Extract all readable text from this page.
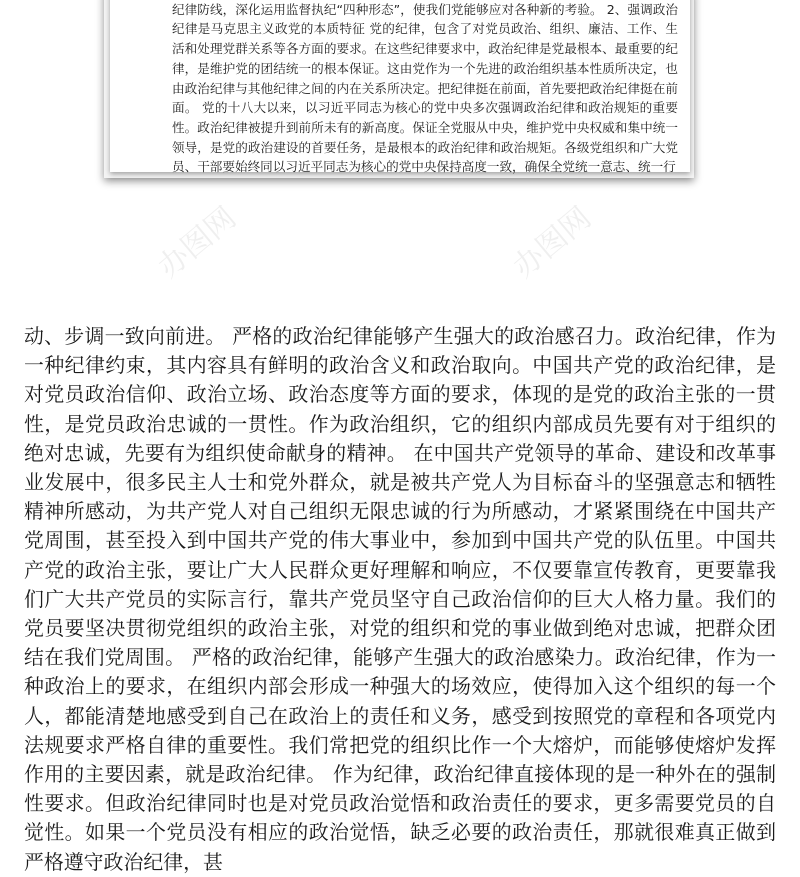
纪律防线，深化运用监督执纪“四种形态”，使我们党能够应对各种新的考验。 2、强调政治纪律是马克思主义政党的本质特征 党的纪律，包含了对党员政治、组织、廉洁、工作、生活和处理党群关系等各方面的要求。在这些纪律要求中，政治纪律是党最根本、最重要的纪律，是维护党的团结统一的根本保证。这由党作为一个先进的政治组织基本性质所决定，也由政治纪律与其他纪律之间的内在关系所决定。把纪律挺在前面，首先要把政治纪律挺在前面。 党的十八大以来，以习近平同志为核心的党中央多次强调政治纪律和政治规矩的重要性。政治纪律被提升到前所未有的新高度。保证全党服从中央，维护党中央权威和集中统一领导，是党的政治建设的首要任务，是最根本的政治纪律和政治规矩。各级党组织和广大党员、干部要始终同以习近平同志为核心的党中央保持高度一致，确保全党统一意志、统一行

办图网	办图网

动、步调一致向前进。 严格的政治纪律能够产生强大的政治感召力。政治纪律，作为一种纪律约束，其内容具有鲜明的政治含义和政治取向。中国共产党的政治纪律，是对党员政治信仰、政治立场、政治态度等方面的要求，体现的是党的政治主张的一贯性，是党员政治忠诚的一贯性。作为政治组织，它的组织内部成员先要有对于组织的绝对忠诚，先要有为组织使命献身的精神。 在中国共产党领导的革命、建设和改革事业发展中，很多民主人士和党外群众，就是被共产党人为目标奋斗的坚强意志和牺牲精神所感动，为共产党人对自己组织无限忠诚的行为所感动，才紧紧围绕在中国共产党周围，甚至投入到中国共产党的伟大事业中，参加到中国共产党的队伍里。中国共产党的政治主张，要让广大人民群众更好理解和响应，不仅要靠宣传教育，更要靠我们广大共产党员的实际言行，靠共产党员坚守自己政治信仰的巨大人格力量。我们的党员要坚决贯彻党组织的政治主张，对党的组织和党的事业做到绝对忠诚，把群众团结在我们党周围。 严格的政治纪律，能够产生强大的政治感染力。政治纪律，作为一种政治上的要求，在组织内部会形成一种强大的场效应，使得加入这个组织的每一个人，都能清楚地感受到自己在政治上的责任和义务，感受到按照党的章程和各项党内法规要求严格自律的重要性。我们常把党的组织比作一个大熔炉，而能够使熔炉发挥作用的主要因素，就是政治纪律。 作为纪律，政治纪律直接体现的是一种外在的强制性要求。但政治纪律同时也是对党员政治觉悟和政治责任的要求，更多需要党员的自觉性。如果一个党员没有相应的政治觉悟，缺乏必要的政治责任，那就很难真正做到严格遵守政治纪律，甚
